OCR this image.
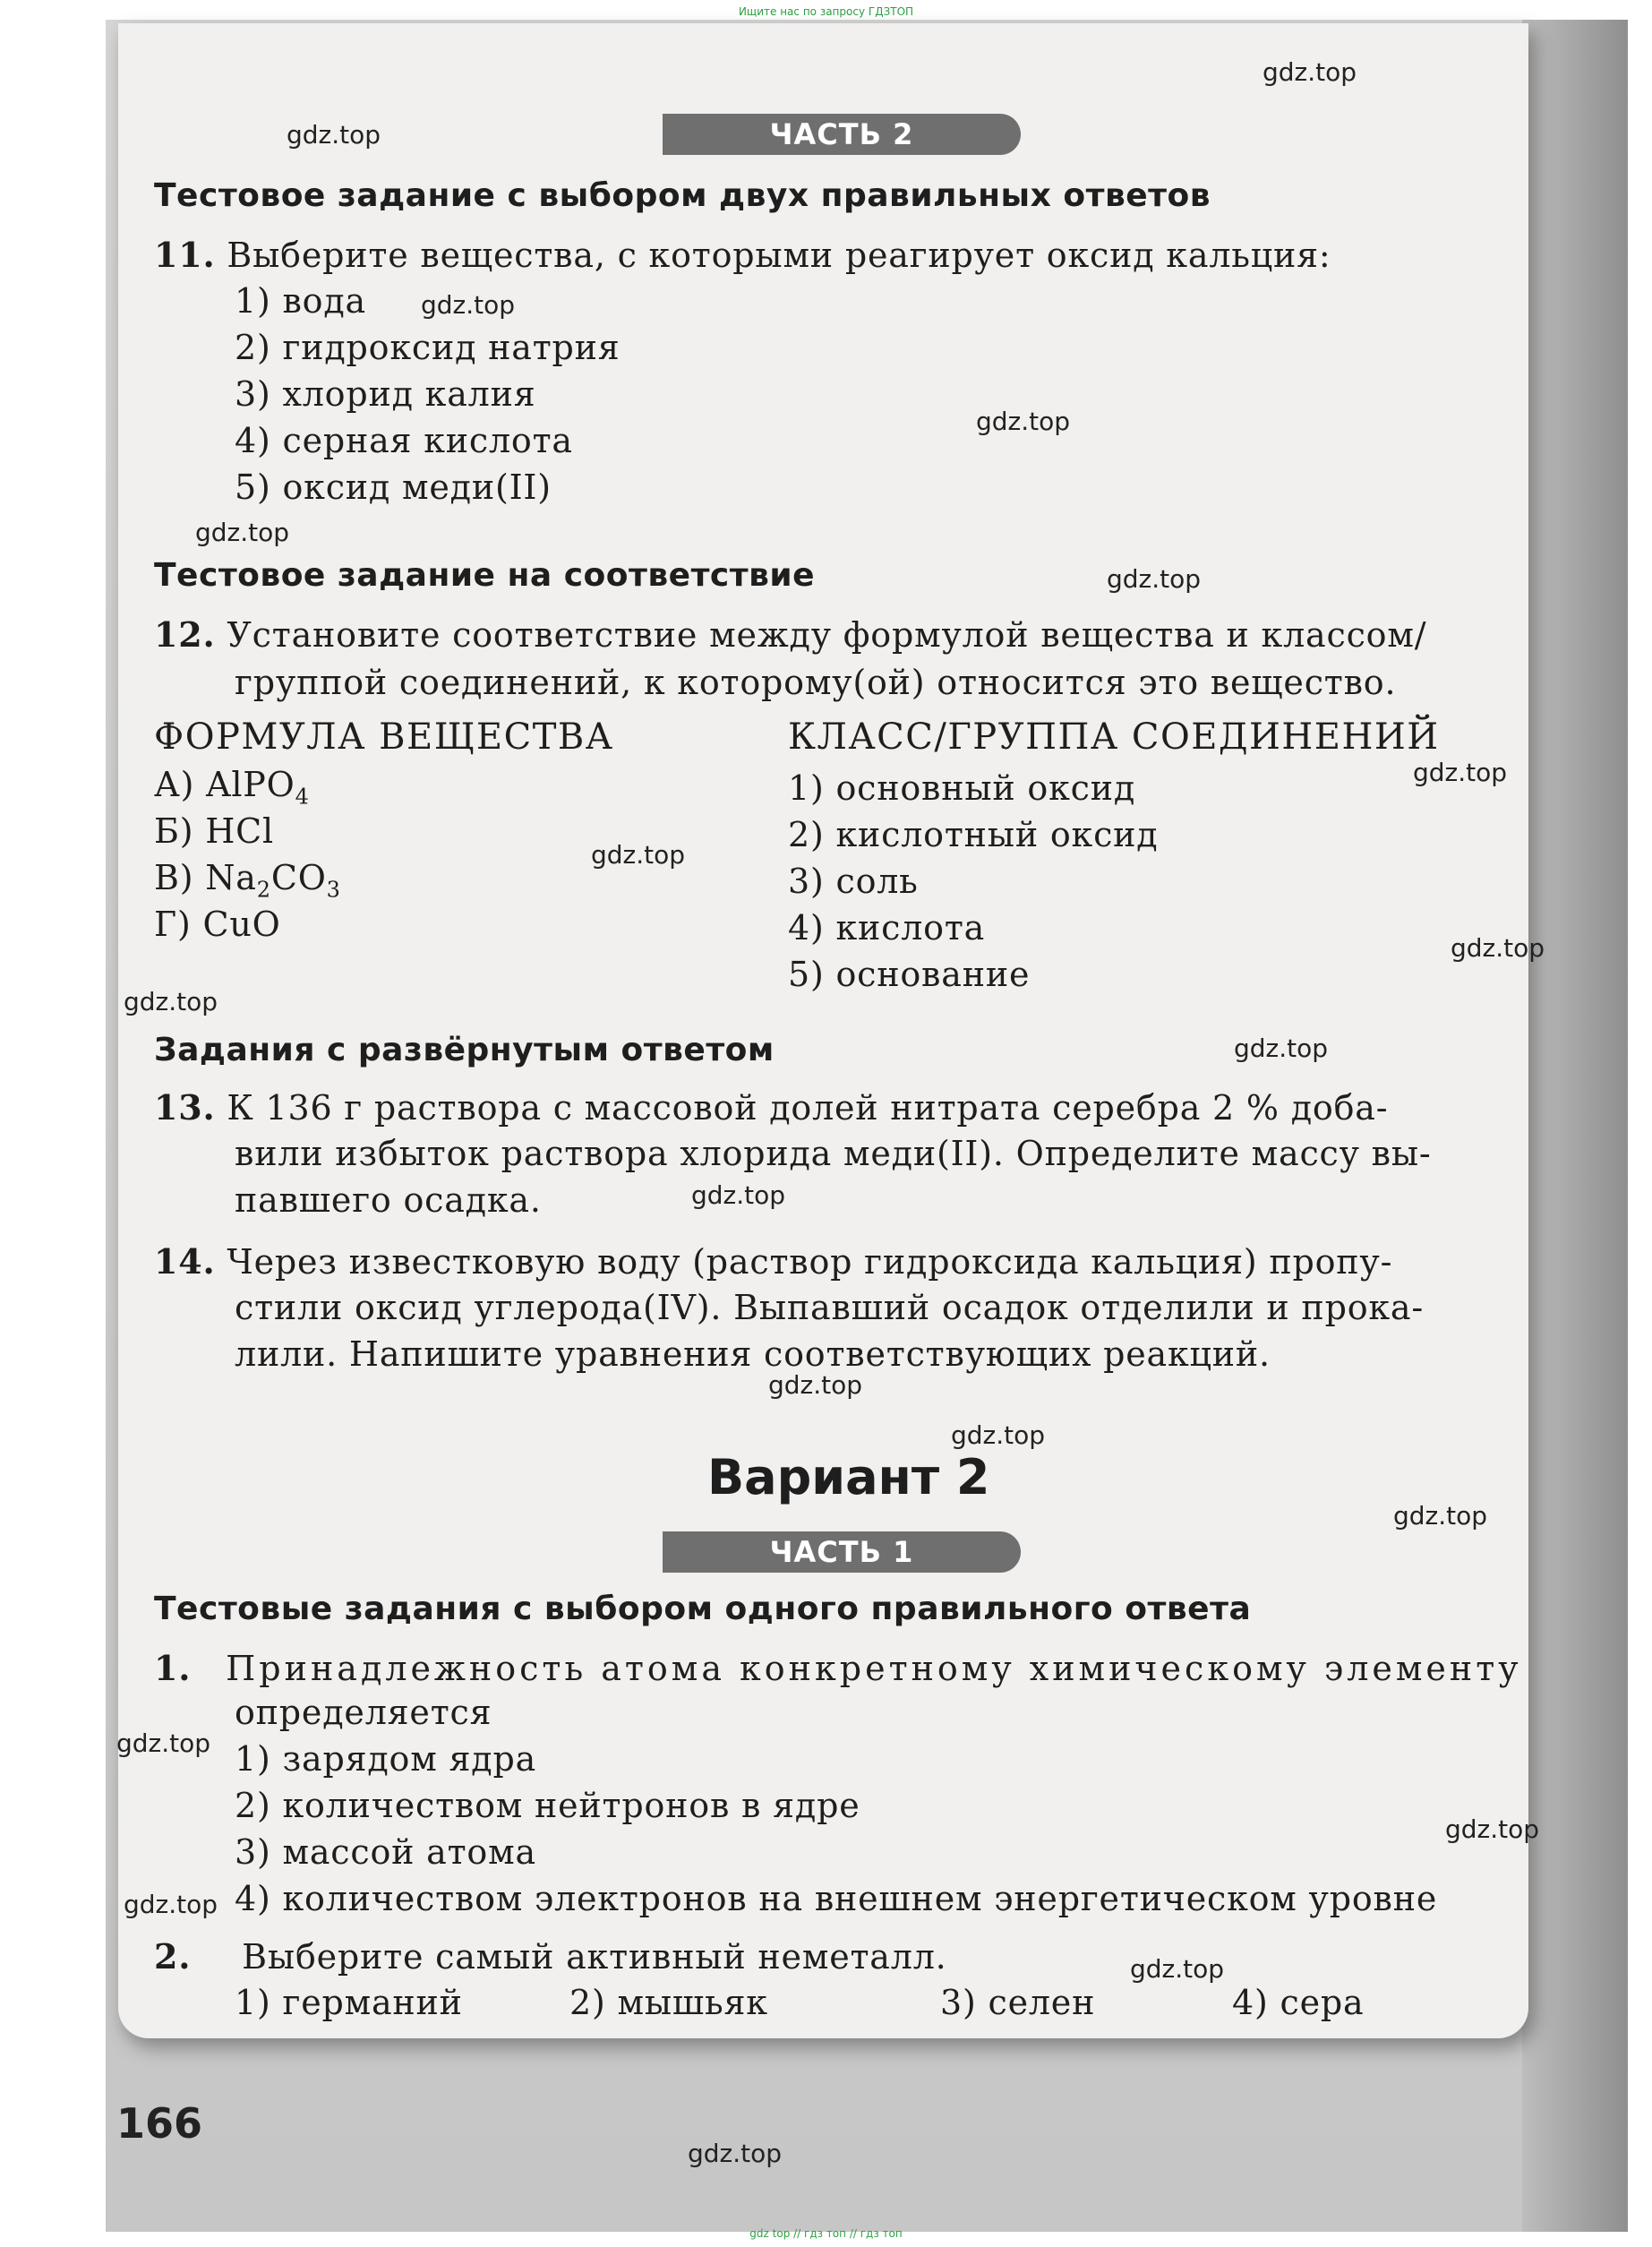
Ищите нас по запросу ГДЗТОП
ЧАСТЬ 2
Тестовое задание с выбором двух правильных ответов
11. Выберите вещества, с которыми реагирует оксид кальция:
1) вода
2) гидроксид натрия
3) хлорид калия
4) серная кислота
5) оксид меди(II)
Тестовое задание на соответствие
12. Установите соответствие между формулой вещества и классом/
группой соединений, к которому(ой) относится это вещество.
ФОРМУЛА ВЕЩЕСТВА	КЛАСС/ГРУППА СОЕДИНЕНИЙ
А) AlPO$_4$
Б) HCl
В) $Na_2CO_3$
Г) CuO
1) основный оксид
2) кислотный оксид
3) соль
4) кислота
5) основание
Задания с развёрнутым ответом
13. К 136 г раствора с массовой долей нитрата серебра 2 % доба-
вили избыток раствора хлорида меди(II). Определите массу вы-
павшего осадка.
14. Через известковую воду (раствор гидроксида кальция) пропу-
стили оксид углерода(IV). Выпавший осадок отделили и прока-
лили. Напишите уравнения соответствующих реакций.
Вариант 2
ЧАСТЬ 1
Тестовые задания с выбором одного правильного ответа
1. Принадлежность атома конкретному химическому элементу
определяется
1) зарядом ядра
2) количеством нейтронов в ядре
3) массой атома
4) количеством электронов на внешнем энергетическом уровне
2. Выберите самый активный неметалл.
1) германий	2) мышьяк	3) селен	4) сера
166
gdz.top
gdz.top
gdz.top
gdz.top
gdz.top
gdz.top
gdz.top
gdz.top
gdz.top
gdz.top
gdz.top
gdz.top
gdz.top
gdz.top
gdz.top
gdz.top
gdz.top
gdz.top
gdz.top
gdz.top
gdz top // гдз топ // гдз топ
